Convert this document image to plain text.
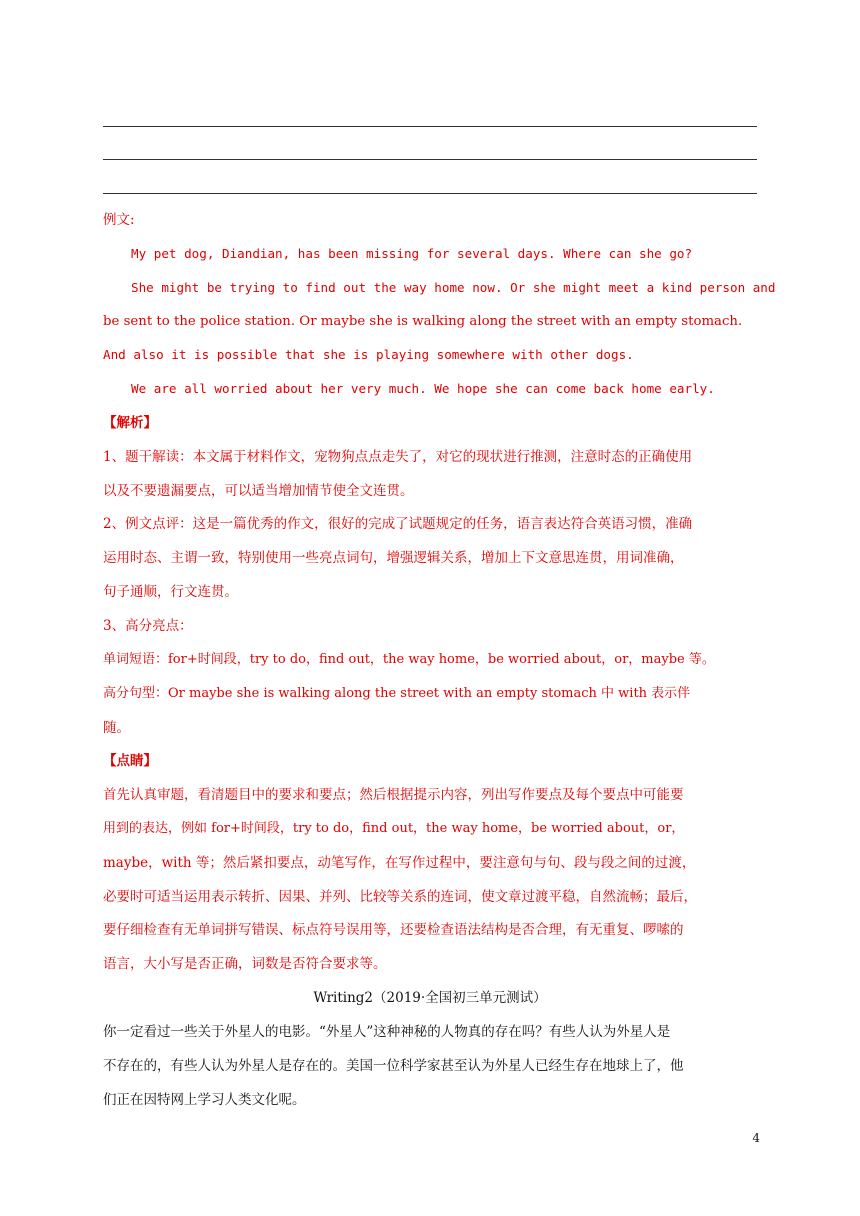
例文:
My pet dog, Diandian, has been missing for several days. Where can she go?
She might be trying to find out the way home now. Or she might meet a kind person and
be sent to the police station. Or maybe she is walking along the street with an empty stomach.
And also it is possible that she is playing somewhere with other dogs.
We are all worried about her very much. We hope she can come back home early.
【解析】
1、题干解读：本文属于材料作文，宠物狗点点走失了，对它的现状进行推测，注意时态的正确使用
以及不要遗漏要点，可以适当增加情节使全文连贯。
2、例文点评：这是一篇优秀的作文，很好的完成了试题规定的任务，语言表达符合英语习惯，准确
运用时态、主谓一致，特别使用一些亮点词句，增强逻辑关系，增加上下文意思连贯，用词准确，
句子通顺，行文连贯。
3、高分亮点：
单词短语：for+时间段，try to do，find out，the way home，be worried about，or，maybe 等。
高分句型：Or maybe she is walking along the street with an empty stomach 中 with 表示伴
随。
【点睛】
首先认真审题，看清题目中的要求和要点；然后根据提示内容，列出写作要点及每个要点中可能要
用到的表达，例如 for+时间段，try to do，find out，the way home，be worried about，or，
maybe，with 等；然后紧扣要点，动笔写作，在写作过程中，要注意句与句、段与段之间的过渡，
必要时可适当运用表示转折、因果、并列、比较等关系的连词，使文章过渡平稳，自然流畅；最后，
要仔细检查有无单词拼写错误、标点符号误用等，还要检查语法结构是否合理，有无重复、啰嗦的
语言，大小写是否正确，词数是否符合要求等。
Writing2（2019·全国初三单元测试）
你一定看过一些关于外星人的电影。“外星人”这种神秘的人物真的存在吗？有些人认为外星人是
不存在的，有些人认为外星人是存在的。美国一位科学家甚至认为外星人已经生存在地球上了，他
们正在因特网上学习人类文化呢。
4
